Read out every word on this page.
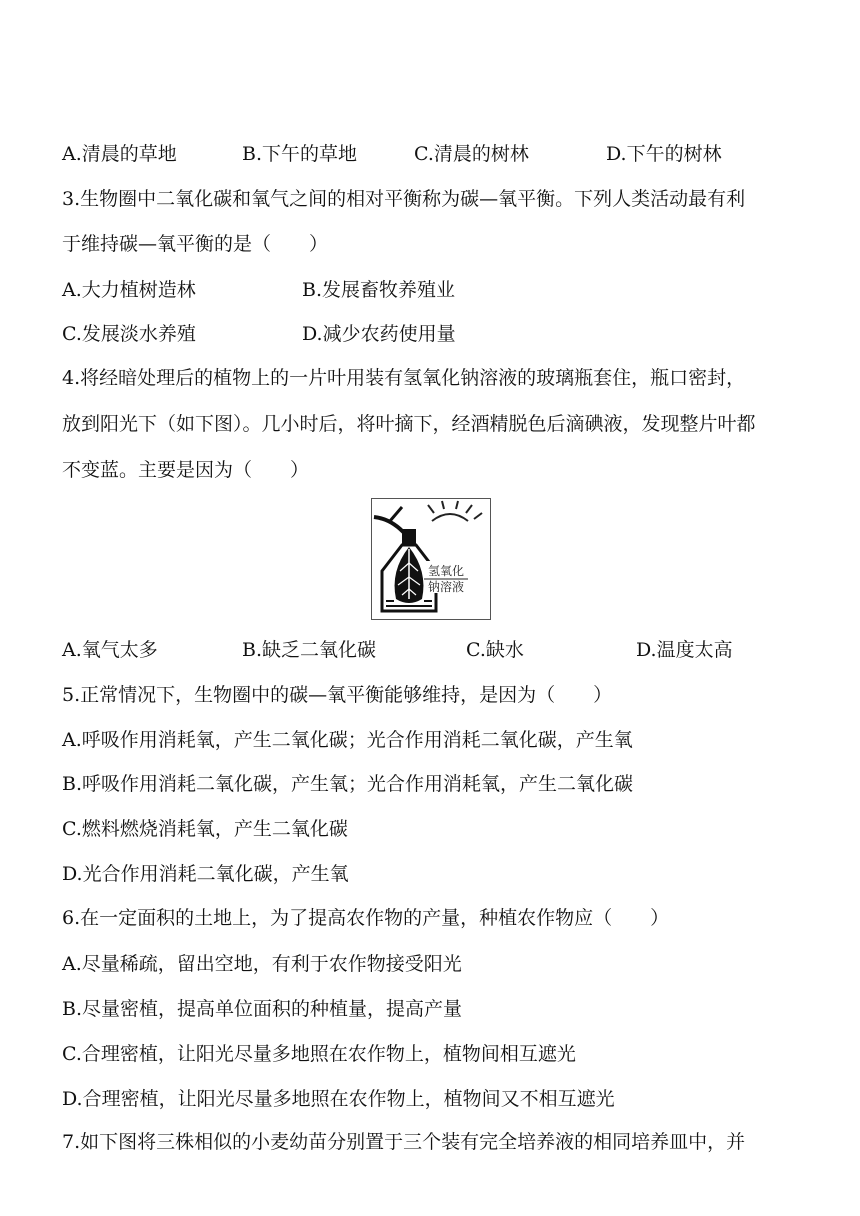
A.清晨的草地	B.下午的草地	C.清晨的树林	D.下午的树林
3.生物圈中二氧化碳和氧气之间的相对平衡称为碳—氧平衡。下列人类活动最有利
于维持碳—氧平衡的是（　　）
A.大力植树造林	B.发展畜牧养殖业
C.发展淡水养殖	D.减少农药使用量
4.将经暗处理后的植物上的一片叶用装有氢氧化钠溶液的玻璃瓶套住，瓶口密封，
放到阳光下（如下图）。几小时后，将叶摘下，经酒精脱色后滴碘液，发现整片叶都
不变蓝。主要是因为（　　）
氢氧化
钠溶液
A.氧气太多	B.缺乏二氧化碳	C.缺水	D.温度太高
5.正常情况下，生物圈中的碳—氧平衡能够维持，是因为（　　）
A.呼吸作用消耗氧，产生二氧化碳；光合作用消耗二氧化碳，产生氧
B.呼吸作用消耗二氧化碳，产生氧；光合作用消耗氧，产生二氧化碳
C.燃料燃烧消耗氧，产生二氧化碳
D.光合作用消耗二氧化碳，产生氧
6.在一定面积的土地上，为了提高农作物的产量，种植农作物应（　　）
A.尽量稀疏，留出空地，有利于农作物接受阳光
B.尽量密植，提高单位面积的种植量，提高产量
C.合理密植，让阳光尽量多地照在农作物上，植物间相互遮光
D.合理密植，让阳光尽量多地照在农作物上，植物间又不相互遮光
7.如下图将三株相似的小麦幼苗分别置于三个装有完全培养液的相同培养皿中，并
